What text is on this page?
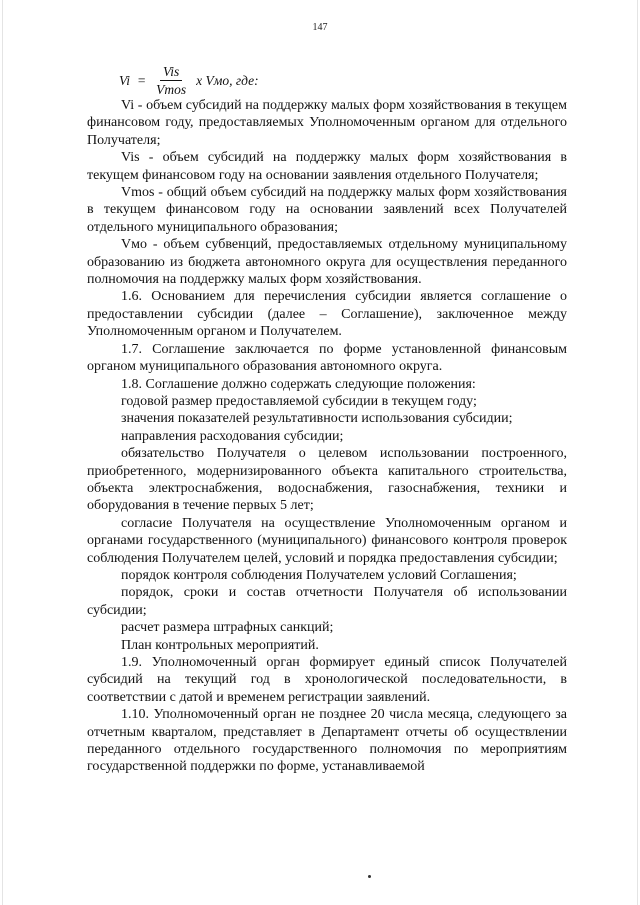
147
$Vi = \frac{\text{Vis}}{\text{Vmos}}$ x Vмо, где:

Vi - объем субсидий на поддержку малых форм хозяйствования в текущем финансовом году, предоставляемых Уполномоченным органом для отдельного Получателя;

Vis - объем субсидий на поддержку малых форм хозяйствования в текущем финансовом году на основании заявления отдельного Получателя;

Vmos - общий объем субсидий на поддержку малых форм хозяйствования в текущем финансовом году на основании заявлений всех Получателей отдельного муниципального образования;

Vмо - объем субвенций, предоставляемых отдельному муниципальному образованию из бюджета автономного округа для осуществления переданного полномочия на поддержку малых форм хозяйствования.

1.6. Основанием для перечисления субсидии является соглашение о предоставлении субсидии (далее – Соглашение), заключенное между Уполномоченным органом и Получателем.

1.7. Соглашение заключается по форме установленной финансовым органом муниципального образования автономного округа.

1.8. Соглашение должно содержать следующие положения:

годовой размер предоставляемой субсидии в текущем году;

значения показателей результативности использования субсидии;

направления расходования субсидии;

обязательство Получателя о целевом использовании построенного, приобретенного, модернизированного объекта капитального строительства, объекта электроснабжения, водоснабжения, газоснабжения, техники и оборудования в течение первых 5 лет;

согласие Получателя на осуществление Уполномоченным органом и органами государственного (муниципального) финансового контроля проверок соблюдения Получателем целей, условий и порядка предоставления субсидии;

порядок контроля соблюдения Получателем условий Соглашения;

порядок, сроки и состав отчетности Получателя об использовании субсидии;

расчет размера штрафных санкций;

План контрольных мероприятий.

1.9. Уполномоченный орган формирует единый список Получателей субсидий на текущий год в хронологической последовательности, в соответствии с датой и временем регистрации заявлений.

1.10. Уполномоченный орган не позднее 20 числа месяца, следующего за отчетным кварталом, представляет в Департамент отчеты об осуществлении переданного отдельного государственного полномочия по мероприятиям государственной поддержки по форме, устанавливаемой
